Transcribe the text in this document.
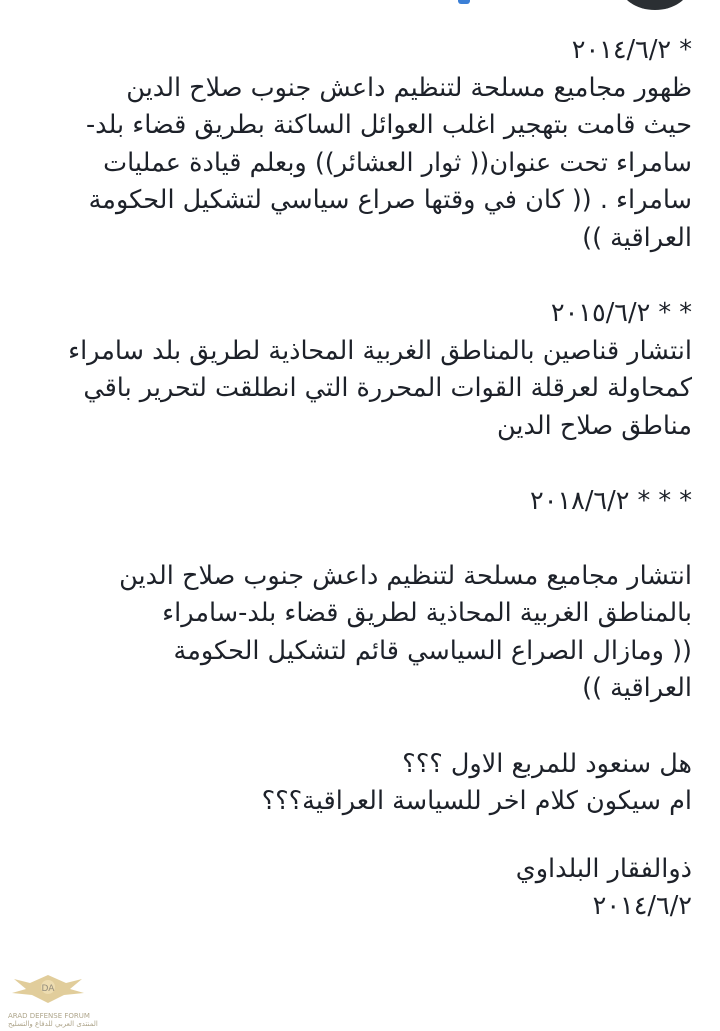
* ٢٠١٤/٦/٢
ظهور مجاميع مسلحة لتنظيم داعش جنوب صلاح الدين
حيث قامت بتهجير اغلب العوائل الساكنة بطريق قضاء بلد-
سامراء تحت عنوان(( ثوار العشائر)) وبعلم قيادة عمليات
سامراء . (( كان في وقتها صراع سياسي لتشكيل الحكومة
العراقية ))
* * ٢٠١٥/٦/٢
انتشار قناصين بالمناطق الغربية المحاذية لطريق بلد سامراء
كمحاولة لعرقلة القوات المحررة التي انطلقت لتحرير باقي
مناطق صلاح الدين
* * * ٢٠١٨/٦/٢
انتشار مجاميع مسلحة لتنظيم داعش جنوب صلاح الدين
بالمناطق الغربية المحاذية لطريق قضاء بلد-سامراء
(( ومازال الصراع السياسي قائم لتشكيل الحكومة
العراقية ))
هل سنعود للمربع الاول ؟؟؟
ام سيكون كلام اخر للسياسة العراقية؟؟؟
ذوالفقار البلداوي
٢٠١٤/٦/٢
DA
ARAD DEFENSE FORUM
المنتدى العربي للدفاع والتسليح
